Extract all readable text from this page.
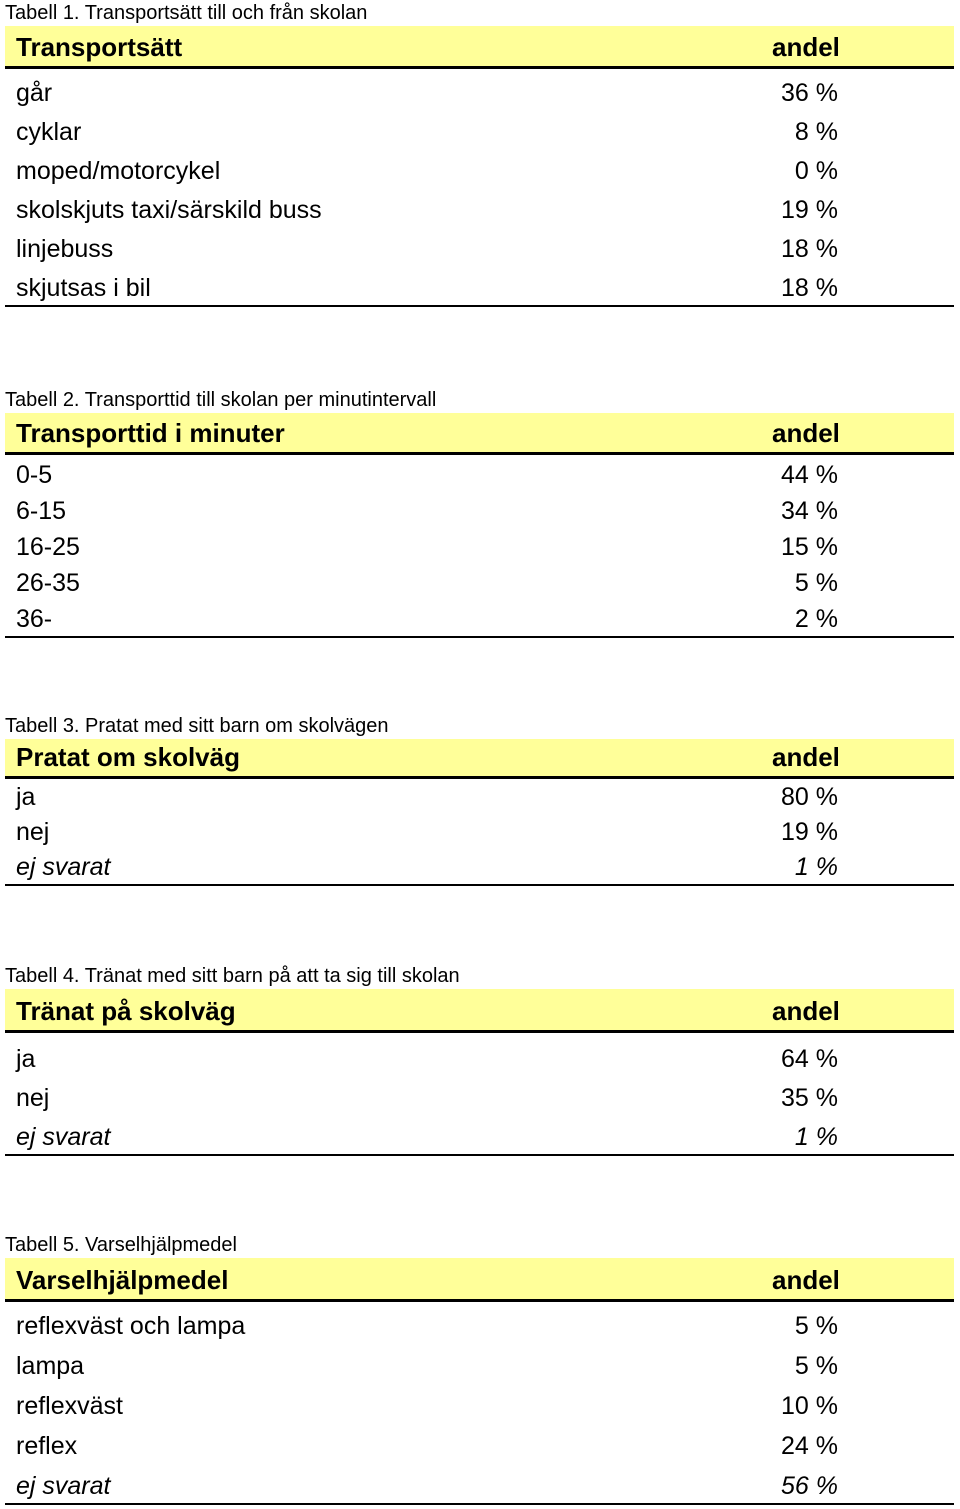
Tabell 1. Transportsätt till och från skolan
Transportsätt	andel
går	36 %
cyklar	8 %
moped/motorcykel	0 %
skolskjuts taxi/särskild buss	19 %
linjebuss	18 %
skjutsas i bil	18 %
Tabell 2. Transporttid till skolan per minutintervall
Transporttid i minuter	andel
0-5	44 %
6-15	34 %
16-25	15 %
26-35	5 %
36-	2 %
Tabell 3. Pratat med sitt barn om skolvägen
Pratat om skolväg	andel
ja	80 %
nej	19 %
ej svarat	1 %
Tabell 4. Tränat med sitt barn på att ta sig till skolan
Tränat på skolväg	andel
ja	64 %
nej	35 %
ej svarat	1 %
Tabell 5. Varselhjälpmedel
Varselhjälpmedel	andel
reflexväst och lampa	5 %
lampa	5 %
reflexväst	10 %
reflex	24 %
ej svarat	56 %
